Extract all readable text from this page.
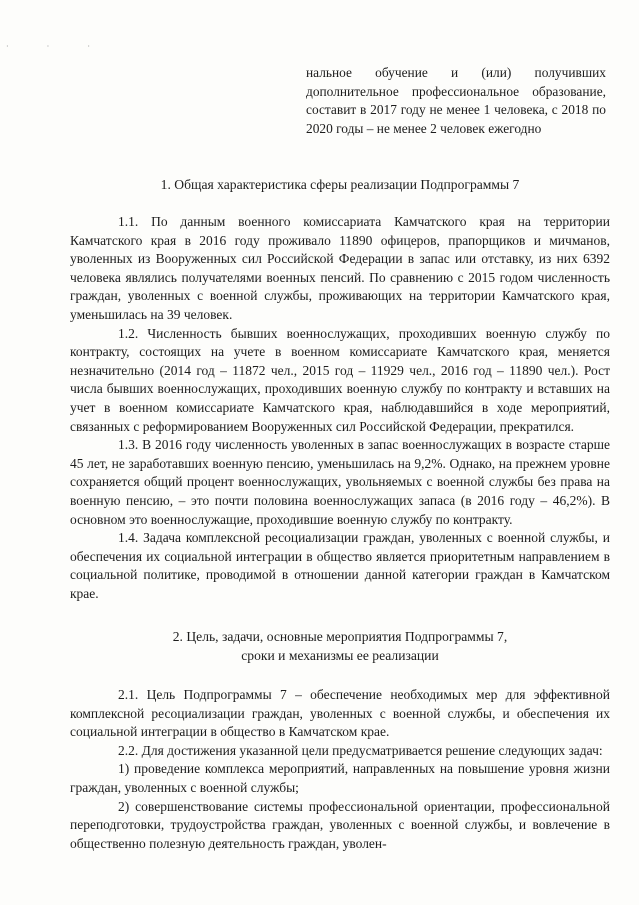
· · ·

нальное обучение и (или) получивших дополнительное профессиональное образование, составит в 2017 году не менее 1 человека, с 2018 по 2020 годы – не менее 2 человек ежегодно

1. Общая характеристика сферы реализации Подпрограммы 7

1.1. По данным военного комиссариата Камчатского края на территории Камчатского края в 2016 году проживало 11890 офицеров, прапорщиков и мичманов, уволенных из Вооруженных сил Российской Федерации в запас или отставку, из них 6392 человека являлись получателями военных пенсий. По сравнению с 2015 годом численность граждан, уволенных с военной службы, проживающих на территории Камчатского края, уменьшилась на 39 человек.

1.2. Численность бывших военнослужащих, проходивших военную службу по контракту, состоящих на учете в военном комиссариате Камчатского края, меняется незначительно (2014 год – 11872 чел., 2015 год – 11929 чел., 2016 год – 11890 чел.). Рост числа бывших военнослужащих, проходивших военную службу по контракту и вставших на учет в военном комиссариате Камчатского края, наблюдавшийся в ходе мероприятий, связанных с реформированием Вооруженных сил Российской Федерации, прекратился.

1.3. В 2016 году численность уволенных в запас военнослужащих в возрасте старше 45 лет, не заработавших военную пенсию, уменьшилась на 9,2%. Однако, на прежнем уровне сохраняется общий процент военнослужащих, увольняемых с военной службы без права на военную пенсию, – это почти половина военнослужащих запаса (в 2016 году – 46,2%). В основном это военнослужащие, проходившие военную службу по контракту.

1.4. Задача комплексной ресоциализации граждан, уволенных с военной службы, и обеспечения их социальной интеграции в общество является приоритетным направлением в социальной политике, проводимой в отношении данной категории граждан в Камчатском крае.

2. Цель, задачи, основные мероприятия Подпрограммы 7,

сроки и механизмы ее реализации

2.1. Цель Подпрограммы 7 – обеспечение необходимых мер для эффективной комплексной ресоциализации граждан, уволенных с военной службы, и обеспечения их социальной интеграции в общество в Камчатском крае.

2.2. Для достижения указанной цели предусматривается решение следующих задач:

1) проведение комплекса мероприятий, направленных на повышение уровня жизни граждан, уволенных с военной службы;

2) совершенствование системы профессиональной ориентации, профессиональной переподготовки, трудоустройства граждан, уволенных с военной службы, и вовлечение в общественно полезную деятельность граждан, уволен-
